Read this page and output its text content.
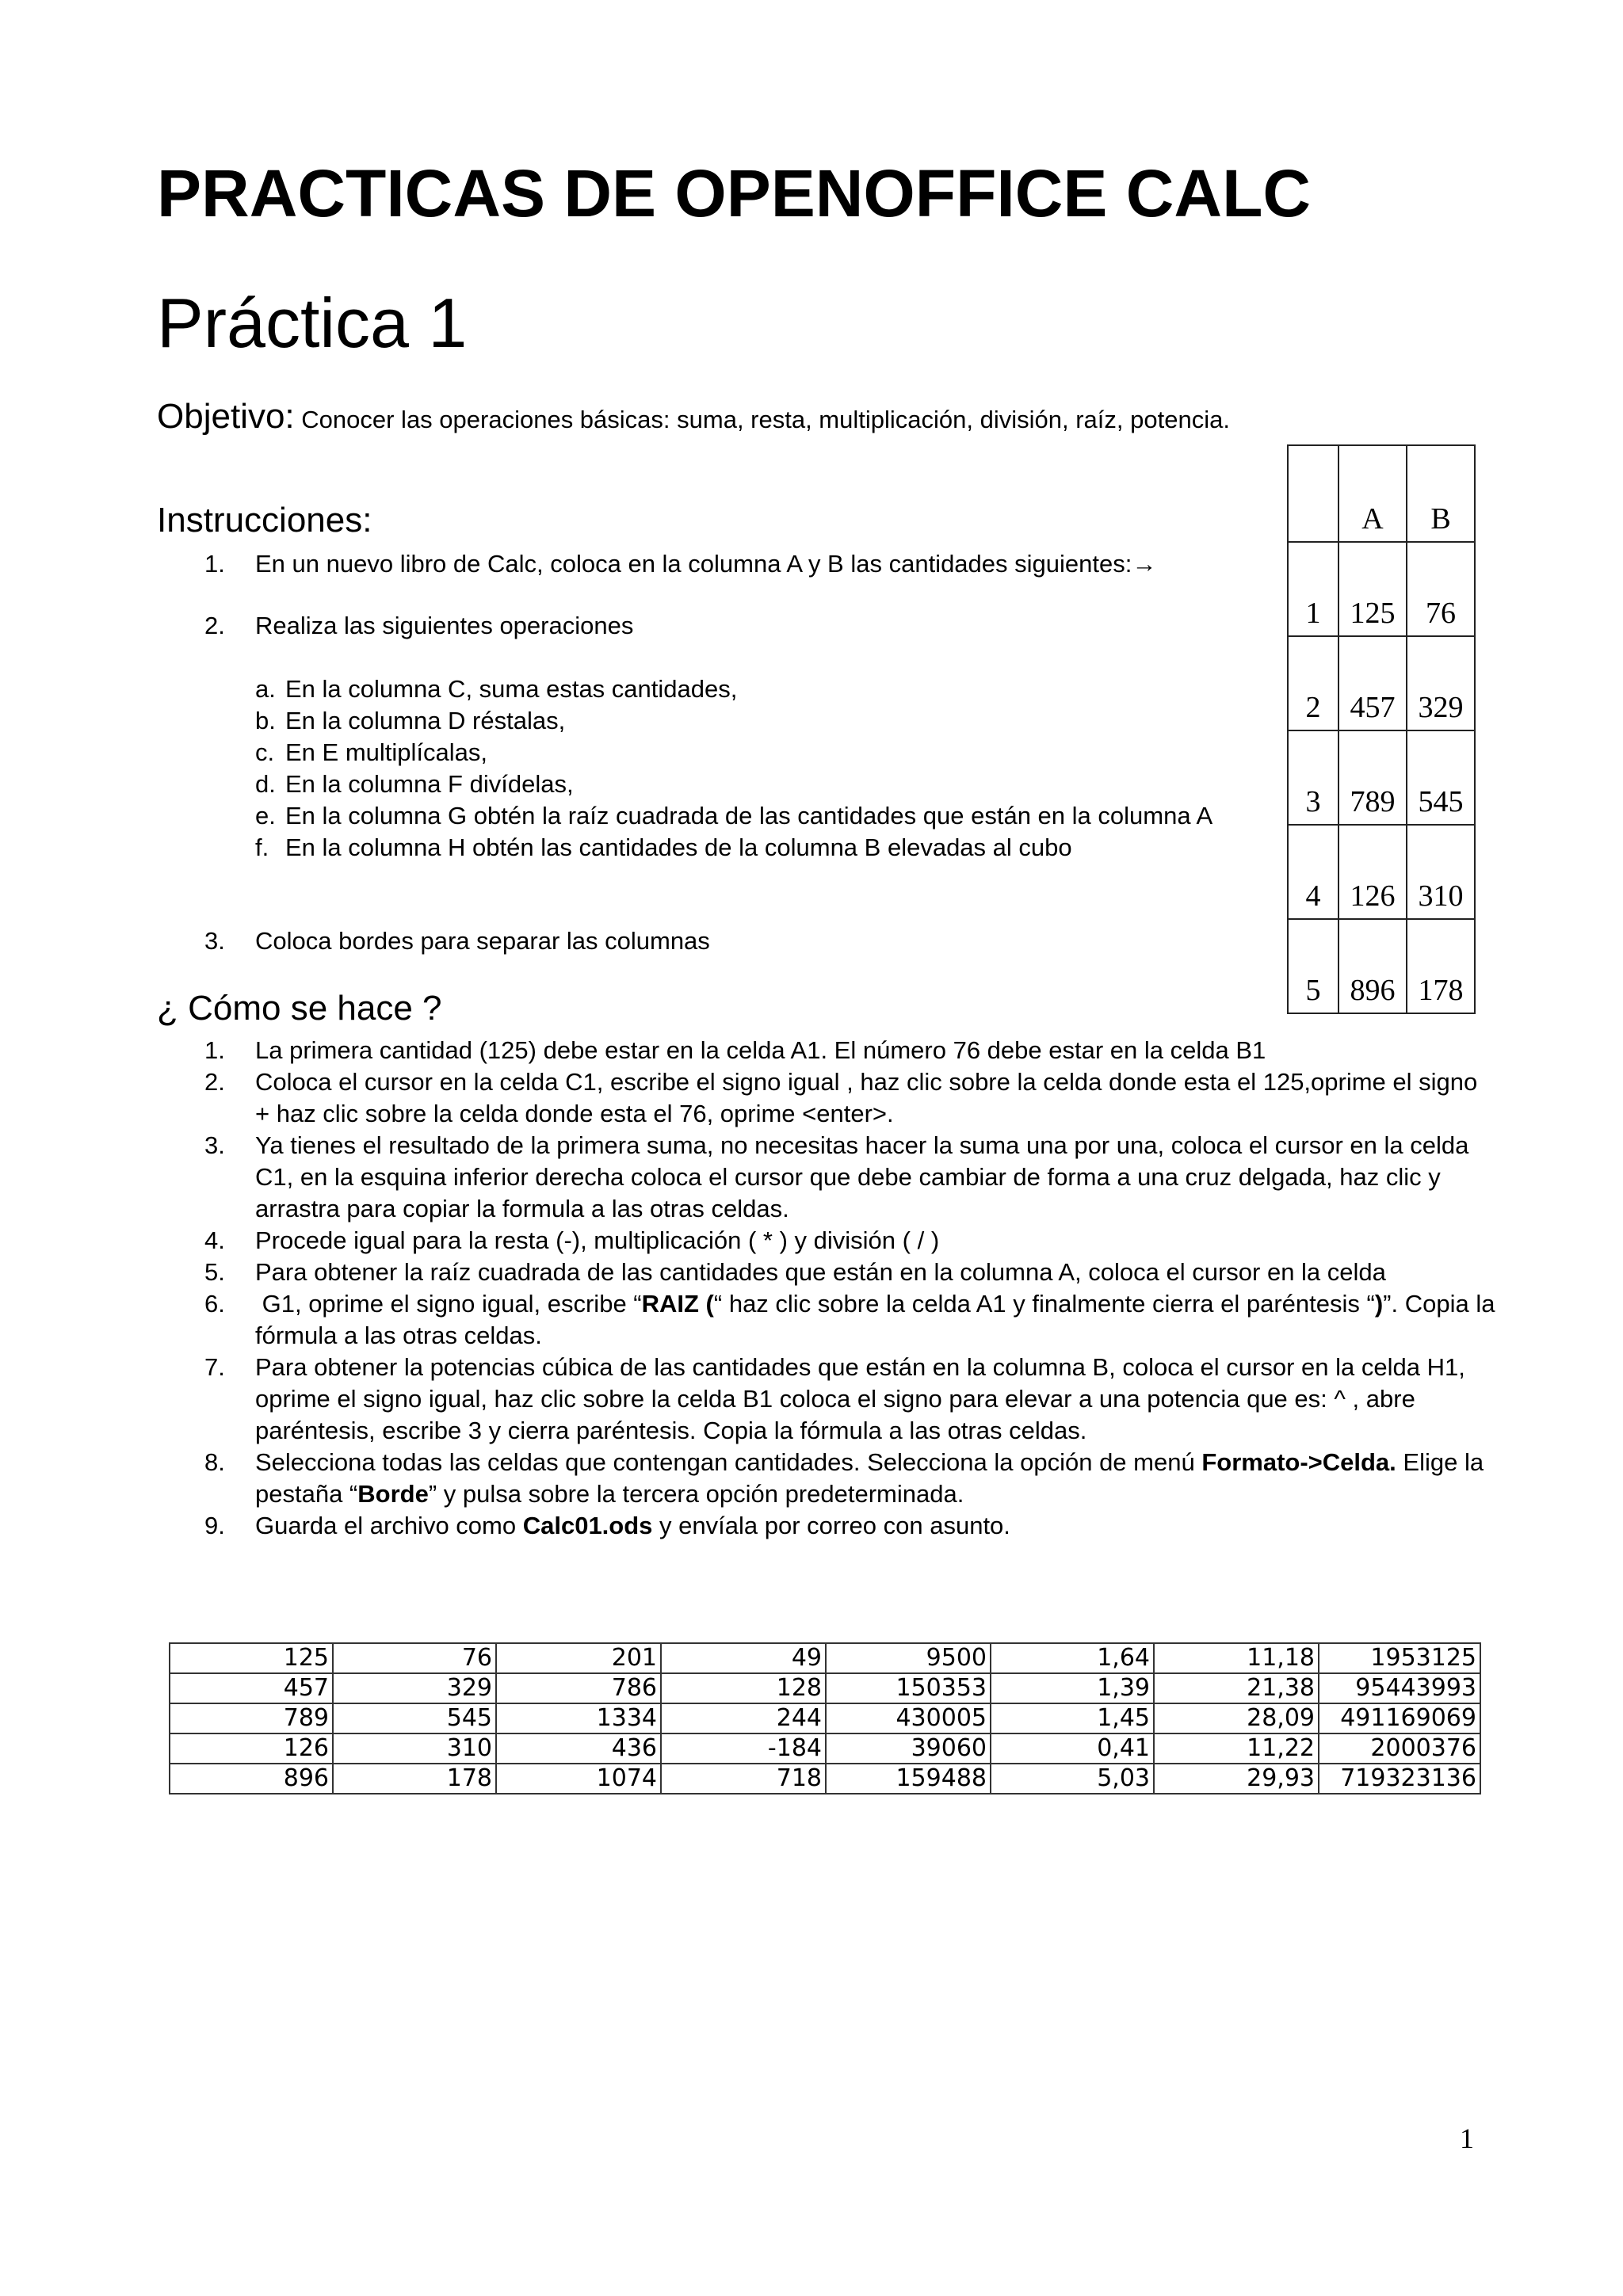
PRACTICAS DE OPENOFFICE CALC
Práctica 1

Objetivo: Conocer las operaciones básicas: suma, resta, multiplicación, división, raíz, potencia.

Instrucciones:
1. En un nuevo libro de Calc, coloca en la columna A y B las cantidades siguientes:→
2. Realiza las siguientes operaciones
a. En la columna C, suma estas cantidades,
b. En la columna D réstalas,
c. En E multiplícalas,
d. En la columna F divídelas,
e. En la columna G obtén la raíz cuadrada de las cantidades que están en la columna A
f. En la columna H obtén las cantidades de la columna B elevadas al cubo
3. Coloca bordes para separar las columnas
	A	B
1	125	76
2	457	329
3	789	545
4	126	310
5	896	178
¿ Cómo se hace ?
1. La primera cantidad (125) debe estar en la celda A1. El número 76 debe estar en la celda B1
2. Coloca el cursor en la celda C1, escribe el signo igual , haz clic sobre la celda donde esta el 125,oprime el signo + haz clic sobre la celda donde esta el 76, oprime <enter>.
3. Ya tienes el resultado de la primera suma, no necesitas hacer la suma una por una, coloca el cursor en la celda C1, en la esquina inferior derecha coloca el cursor que debe cambiar de forma a una cruz delgada, haz clic y arrastra para copiar la formula a las otras celdas.
4. Procede igual para la resta (-), multiplicación ( * ) y división ( / )
5. Para obtener la raíz cuadrada de las cantidades que están en la columna A, coloca el cursor en la celda
6. G1, oprime el signo igual, escribe “RAIZ (“ haz clic sobre la celda A1 y finalmente cierra el paréntesis “)”. Copia la fórmula a las otras celdas.
7. Para obtener la potencias cúbica de las cantidades que están en la columna B, coloca el cursor en la celda H1, oprime el signo igual, haz clic sobre la celda B1 coloca el signo para elevar a una potencia que es: ^ , abre paréntesis, escribe 3 y cierra paréntesis. Copia la fórmula a las otras celdas.
8. Selecciona todas las celdas que contengan cantidades. Selecciona la opción de menú Formato->Celda. Elige la pestaña “Borde” y pulsa sobre la tercera opción predeterminada.
9. Guarda el archivo como Calc01.ods y envíala por correo con asunto.
125	76	201	49	9500	1,64	11,18	1953125
457	329	786	128	150353	1,39	21,38	95443993
789	545	1334	244	430005	1,45	28,09	491169069
126	310	436	-184	39060	0,41	11,22	2000376
896	178	1074	718	159488	5,03	29,93	719323136
1
